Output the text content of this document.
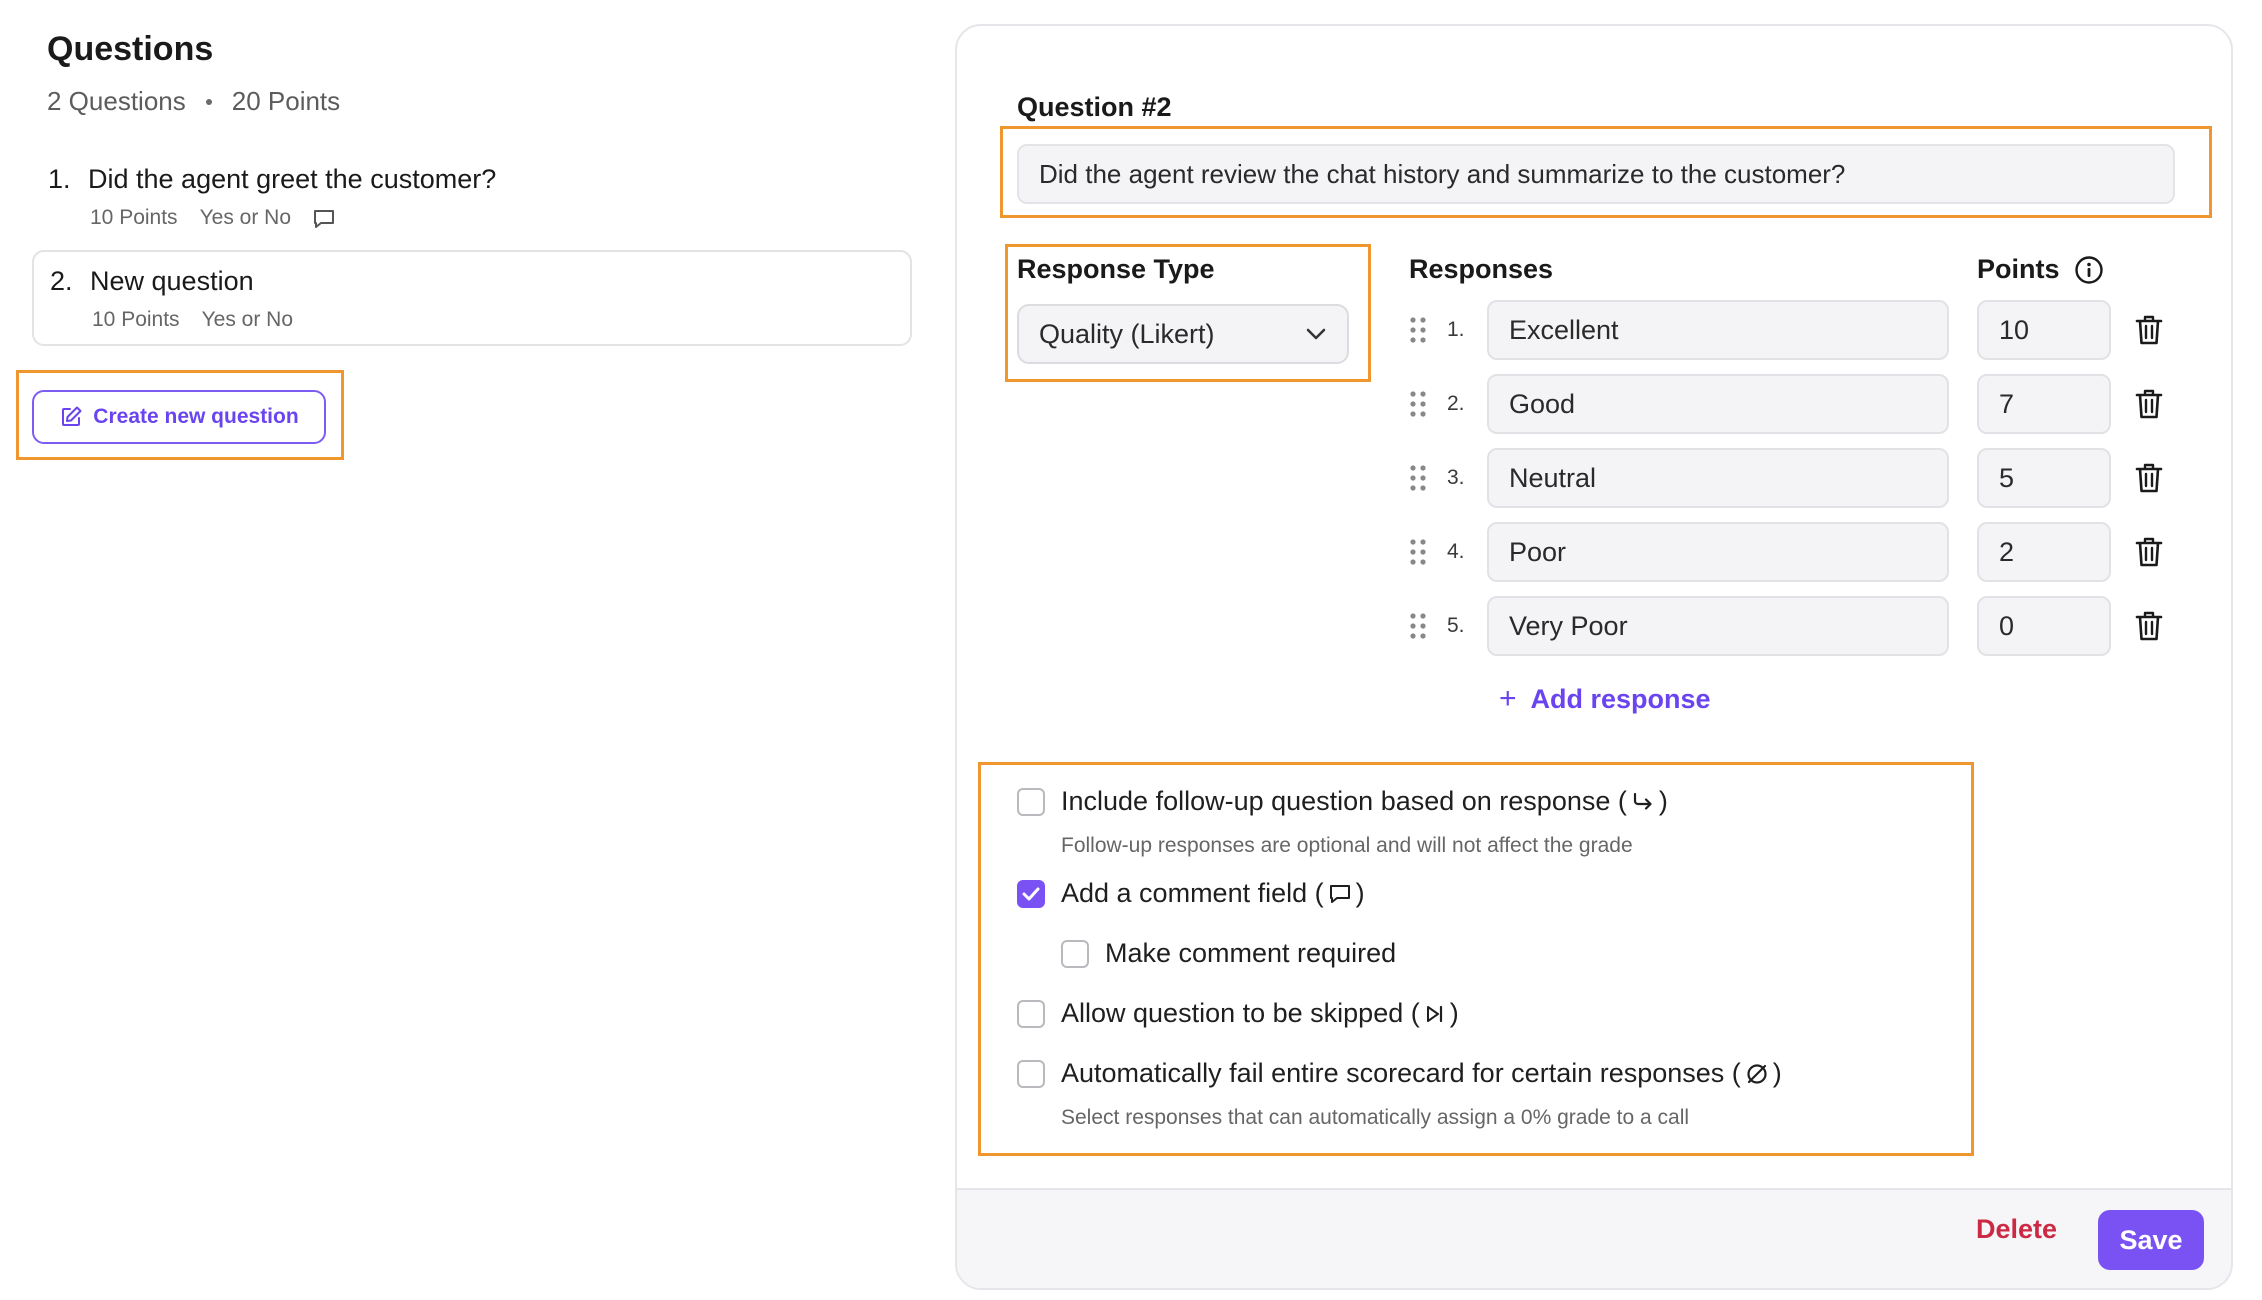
Questions
2 Questions 20 Points
1. Did the agent greet the customer?
10 Points Yes or No
2. New question
10 Points Yes or No
Create new question
Question #2
Did the agent review the chat history and summarize to the customer?
Response Type
Quality (Likert)
Responses	Points
1.	Excellent	10
2.	Good	7
3.	Neutral	5
4.	Poor	2
5.	Very Poor	0
+ Add response
Include follow-up question based on response ( )
Follow-up responses are optional and will not affect the grade
Add a comment field ( )
Make comment required
Allow question to be skipped ( )
Automatically fail entire scorecard for certain responses ( )
Select responses that can automatically assign a 0% grade to a call
Delete	Save
